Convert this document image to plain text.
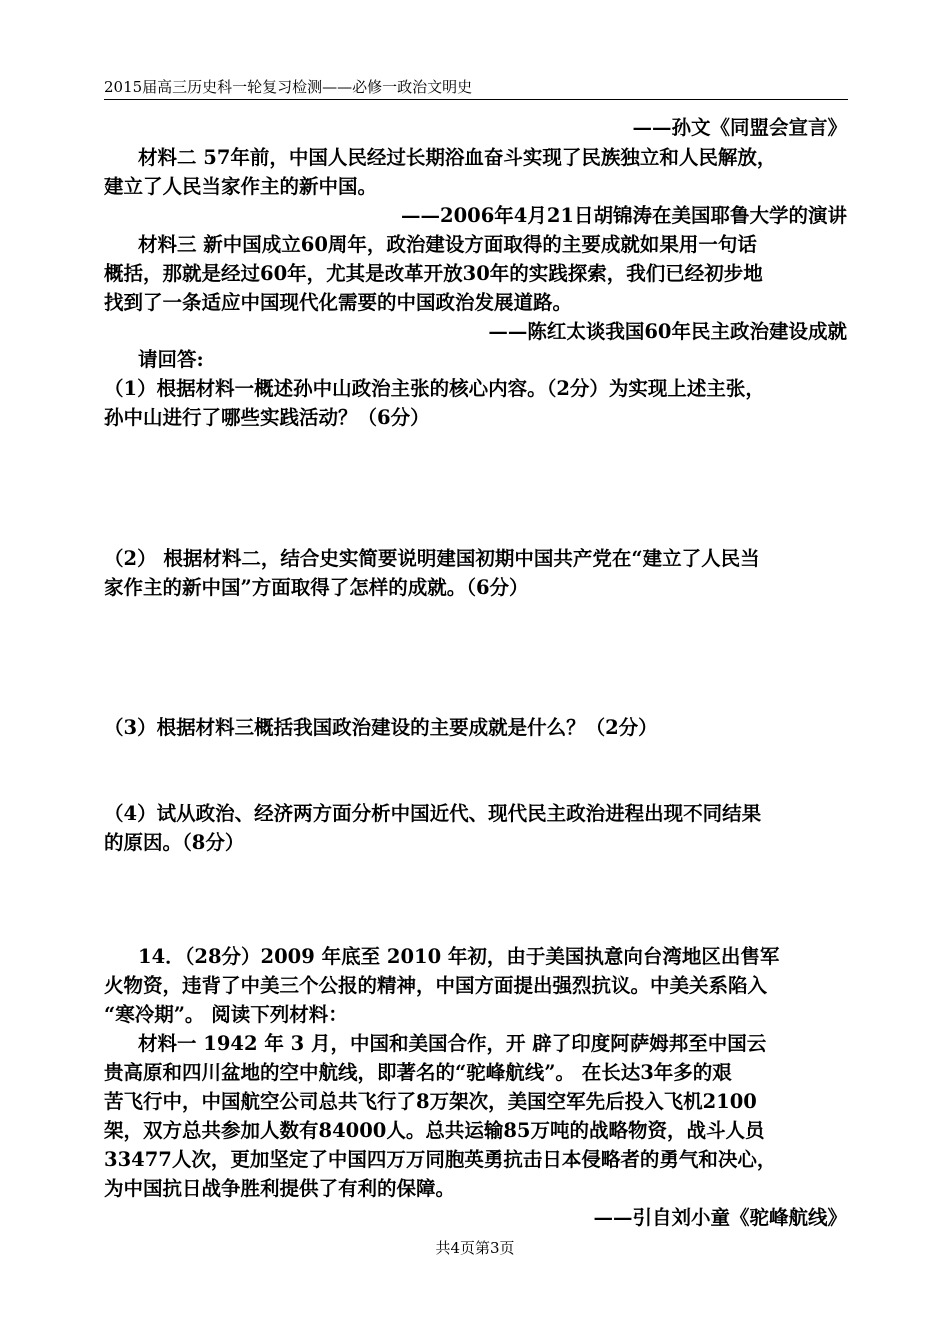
2015届高三历史科一轮复习检测——必修一政治文明史
——孙文《同盟会宣言》
材料二 57年前，中国人民经过长期浴血奋斗实现了民族独立和人民解放，
建立了人民当家作主的新中国。
——2006年4月21日胡锦涛在美国耶鲁大学的演讲
材料三 新中国成立60周年，政治建设方面取得的主要成就如果用一句话
概括，那就是经过60年，尤其是改革开放30年的实践探索，我们已经初步地
找到了一条适应中国现代化需要的中国政治发展道路。
——陈红太谈我国60年民主政治建设成就
请回答:
（1）根据材料一概述孙中山政治主张的核心内容。（2分）为实现上述主张，
孙中山进行了哪些实践活动？（6分）
（2） 根据材料二，结合史实简要说明建国初期中国共产党在“建立了人民当
家作主的新中国”方面取得了怎样的成就。（6分）
（3）根据材料三概括我国政治建设的主要成就是什么？（2分）
（4）试从政治、经济两方面分析中国近代、现代民主政治进程出现不同结果
的原因。（8分）
14．（28分）2009 年底至 2010 年初，由于美国执意向台湾地区出售军
火物资，违背了中美三个公报的精神，中国方面提出强烈抗议。中美关系陷入
“寒冷期”。 阅读下列材料：
材料一 1942 年 3 月，中国和美国合作，开 辟了印度阿萨姆邦至中国云
贵高原和四川盆地的空中航线，即著名的“驼峰航线”。 在长达3年多的艰
苦飞行中，中国航空公司总共飞行了8万架次，美国空军先后投入飞机2100
架，双方总共参加人数有84000人。总共运输85万吨的战略物资，战斗人员
33477人次，更加坚定了中国四万万同胞英勇抗击日本侵略者的勇气和决心，
为中国抗日战争胜利提供了有利的保障。
——引自刘小童《驼峰航线》
共4页第3页
